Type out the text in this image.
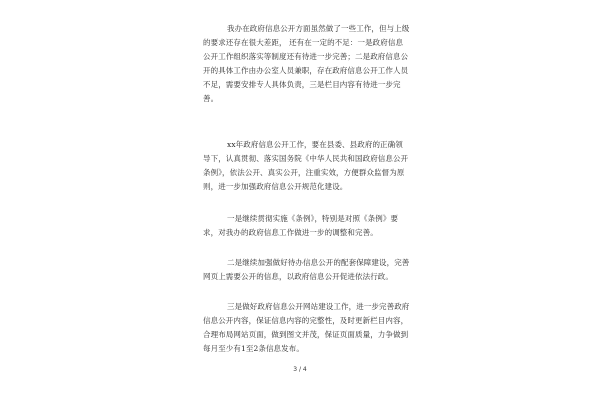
我办在政府信息公开方面虽然做了一些工作，但与上级的要求还存在很大差距， 还有在一定的不足：一是政府信息公开工作组织落实等制度还有待进一步完善；二是政府信息公开的具体工作由办公室人员兼职，存在政府信息公开工作人员不足，需要安排专人具体负责，三是栏目内容有待进一步完善。

xx年政府信息公开工作，要在县委、县政府的正确领导下，认真贯彻、落实国务院《中华人民共和国政府信息公开条例》，依法公开、真实公开，注重实效，方便群众监督为原则，进一步加强政府信息公开规范化建设。

一是继续贯彻实施《条例》，特别是对照《条例》要求，对我办的政府信息工作做进一步的调整和完善。

二是继续加强做好待办信息公开的配套保障建设，完善网页上需要公开的信息，以政府信息公开促进依法行政。

三是做好政府信息公开网站建设工作，进一步完善政府信息公开内容，保证信息内容的完整性，及时更新栏目内容，合理布局网站页面，做到图文并茂，保证页面质量，力争做到每月至少有1至2条信息发布。

3 / 4
